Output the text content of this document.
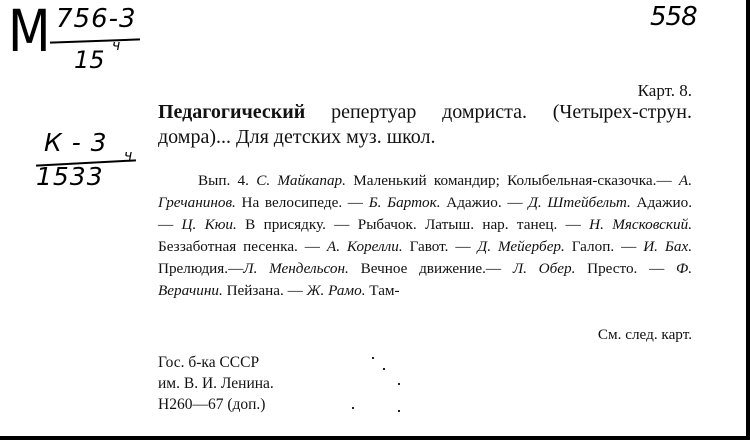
M 756-3
15 ч
558
К - 3
1533
ч
Карт. 8.
Педагогический репертуар домриста. (Четырех-струн. домра)... Для детских муз. школ.
Вып. 4. С. Майкапар. Маленький командир; Колыбельная-сказочка.— А. Гречанинов. На велосипеде. — Б. Барток. Адажио. — Д. Штейбельт. Адажио. — Ц. Кюи. В присядку. — Рыбачок. Латыш. нар. танец. — Н. Мясковский. Беззаботная песенка. — А. Корелли. Гавот. — Д. Мейербер. Галоп. — И. Бах. Прелюдия.—Л. Мендельсон. Вечное движение.— Л. Обер. Престо. — Ф. Верачини. Пейзана. — Ж. Рамо. Там-
См. след. карт.
Гос. б-ка СССР
им. В. И. Ленина.
Н260—67 (доп.)
